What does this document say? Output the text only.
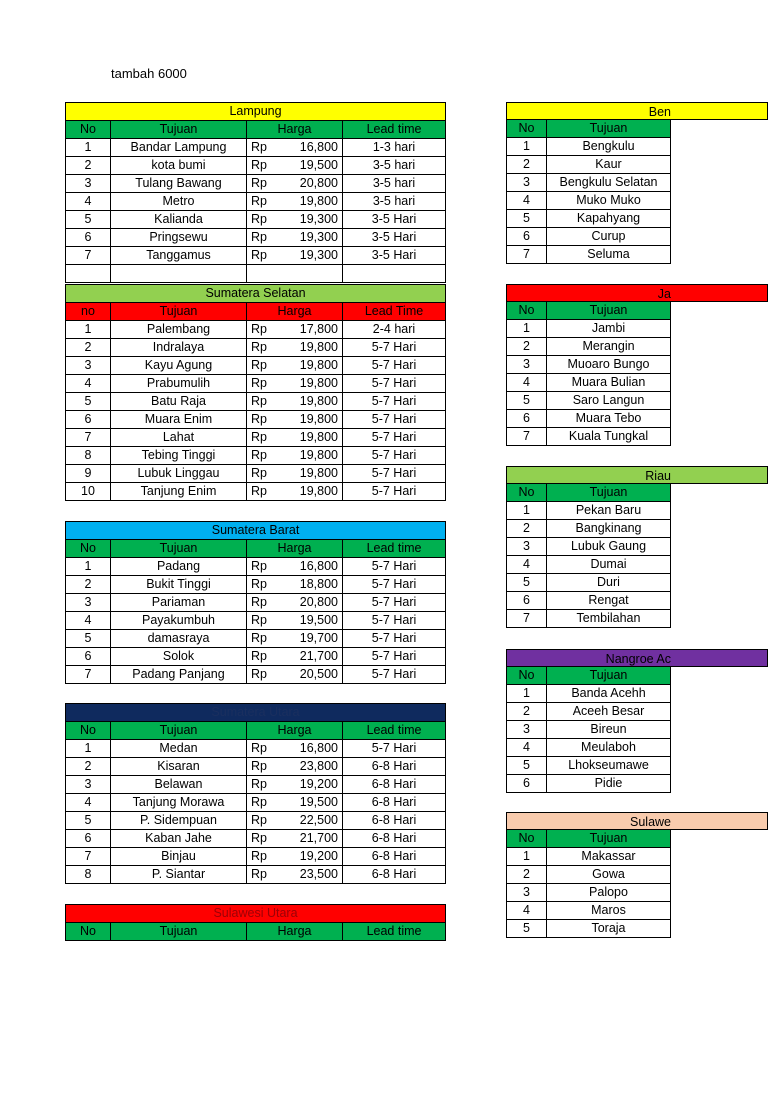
tambah 6000
Lampung				
No	Tujuan	Harga		Lead time
1	Bandar Lampung	Rp	16,800	1-3 hari
2	kota bumi	Rp	19,500	3-5 hari
3	Tulang Bawang	Rp	20,800	3-5 hari
4	Metro	Rp	19,800	3-5 hari
5	Kalianda	Rp	19,300	3-5 Hari
6	Pringsewu	Rp	19,300	3-5 Hari
7	Tanggamus	Rp	19,300	3-5 Hari

Sumatera Selatan				
no	Tujuan	Harga		Lead Time
1	Palembang	Rp	17,800	2-4 hari
2	Indralaya	Rp	19,800	5-7 Hari
3	Kayu Agung	Rp	19,800	5-7 Hari
4	Prabumulih	Rp	19,800	5-7 Hari
5	Batu Raja	Rp	19,800	5-7 Hari
6	Muara Enim	Rp	19,800	5-7 Hari
7	Lahat	Rp	19,800	5-7 Hari
8	Tebing Tinggi	Rp	19,800	5-7 Hari
9	Lubuk Linggau	Rp	19,800	5-7 Hari
10	Tanjung Enim	Rp	19,800	5-7 Hari
Sumatera Barat				
No	Tujuan	Harga		Lead time
1	Padang	Rp	16,800	5-7 Hari
2	Bukit Tinggi	Rp	18,800	5-7 Hari
3	Pariaman	Rp	20,800	5-7 Hari
4	Payakumbuh	Rp	19,500	5-7 Hari
5	damasraya	Rp	19,700	5-7 Hari
6	Solok	Rp	21,700	5-7 Hari
7	Padang Panjang	Rp	20,500	5-7 Hari
Sumatera Utara				
No	Tujuan	Harga		Lead time
1	Medan	Rp	16,800	5-7 Hari
2	Kisaran	Rp	23,800	6-8 Hari
3	Belawan	Rp	19,200	6-8 Hari
4	Tanjung Morawa	Rp	19,500	6-8 Hari
5	P. Sidempuan	Rp	22,500	6-8 Hari
6	Kaban Jahe	Rp	21,700	6-8 Hari
7	Binjau	Rp	19,200	6-8 Hari
8	P. Siantar	Rp	23,500	6-8 Hari
Sulawesi Utara
No	Tujuan	Harga	Lead time
Ben

No	Tujuan
1	Bengkulu
2	Kaur
3	Bengkulu Selatan
4	Muko Muko
5	Kapahyang
6	Curup
7	Seluma
Ja

No	Tujuan
1	Jambi
2	Merangin
3	Muoaro Bungo
4	Muara Bulian
5	Saro Langun
6	Muara Tebo
7	Kuala Tungkal
Riau

No	Tujuan
1	Pekan Baru
2	Bangkinang
3	Lubuk Gaung
4	Dumai
5	Duri
6	Rengat
7	Tembilahan
Nangroe Ac

No	Tujuan
1	Banda Acehh
2	Aceeh Besar
3	Bireun
4	Meulaboh
5	Lhokseumawe
6	Pidie
Sulawe

No	Tujuan
1	Makassar
2	Gowa
3	Palopo
4	Maros
5	Toraja
